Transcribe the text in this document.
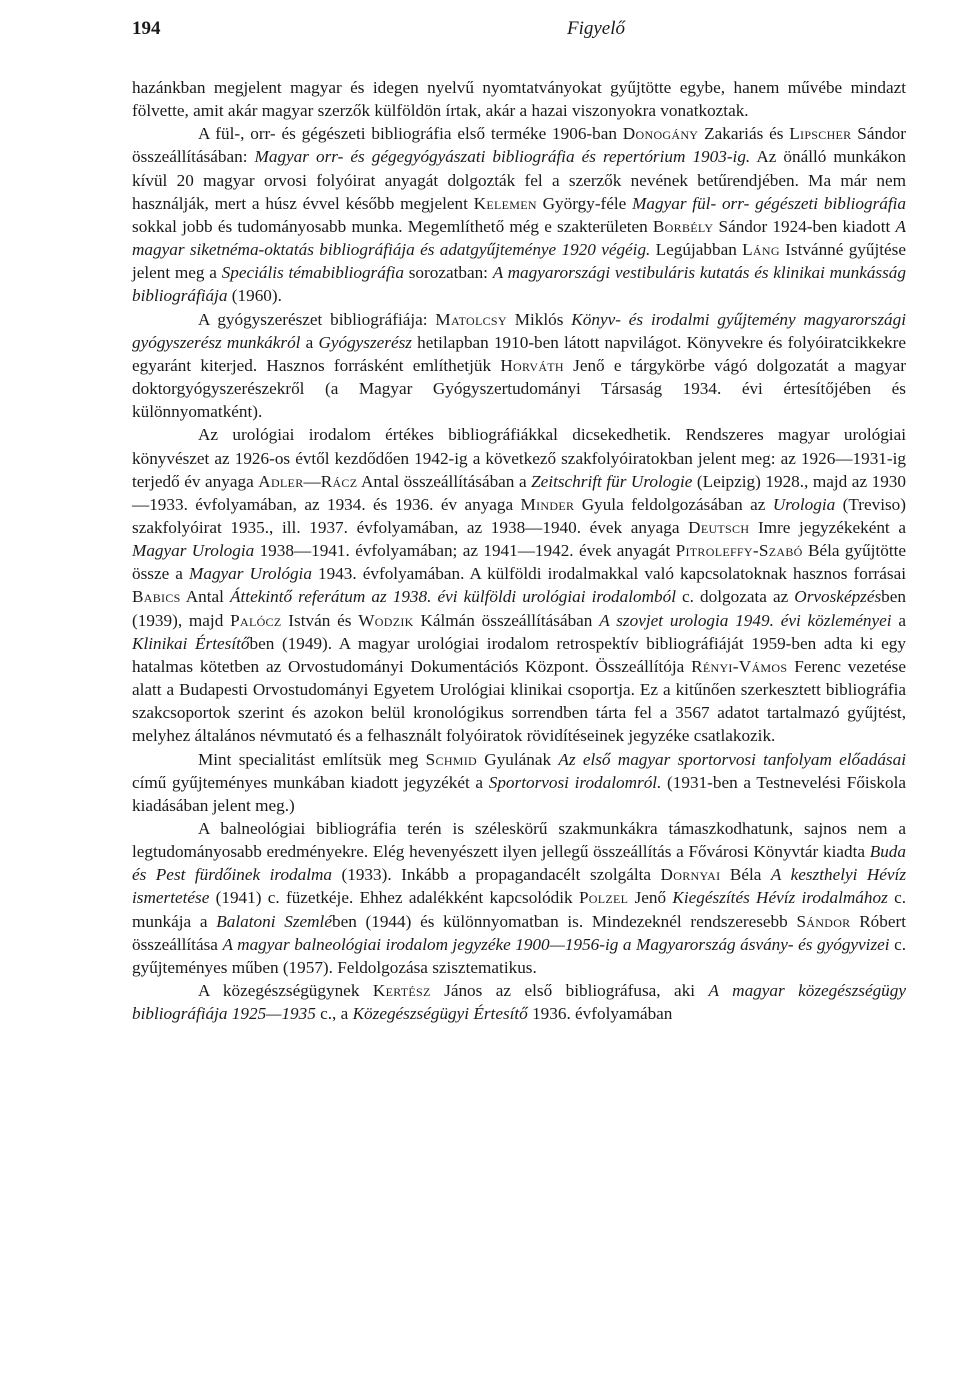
194	Figyelő

hazánkban megjelent magyar és idegen nyelvű nyomtatványokat gyűjtötte egybe, hanem művébe mindazt fölvette, amit akár magyar szerzők külföldön írtak, akár a hazai viszonyokra vonatkoztak.

A fül-, orr- és gégészeti bibliográfia első terméke 1906-ban Donogány Zakariás és Lipscher Sándor összeállításában: Magyar orr- és gégegyógyászati bibliográfia és repertórium 1903-ig. Az önálló munkákon kívül 20 magyar orvosi folyóirat anyagát dolgozták fel a szerzők nevének betűrendjében. Ma már nem használják, mert a húsz évvel később megjelent Kelemen György-féle Magyar fül- orr- gégészeti bibliográfia sokkal jobb és tudományosabb munka. Megemlíthető még e szakterületen Borbély Sándor 1924-ben kiadott A magyar siketnéma-oktatás bibliográfiája és adatgyűjteménye 1920 végéig. Legújabban Láng Istvánné gyűjtése jelent meg a Speciális témabibliográfia sorozatban: A magyarországi vestibuláris kutatás és klinikai munkásság bibliográfiája (1960).

A gyógyszerészet bibliográfiája: Matolcsy Miklós Könyv- és irodalmi gyűjtemény magyarországi gyógyszerész munkákról a Gyógyszerész hetilapban 1910-ben látott napvilágot. Könyvekre és folyóiratcikkekre egyaránt kiterjed. Hasznos forrásként említhetjük Horváth Jenő e tárgykörbe vágó dolgozatát a magyar doktorgyógyszerészekről (a Magyar Gyógyszertudományi Társaság 1934. évi értesítőjében és különnyomatként).

Az urológiai irodalom értékes bibliográfiákkal dicsekedhetik. Rendszeres magyar urológiai könyvészet az 1926-os évtől kezdődően 1942-ig a következő szakfolyóiratokban jelent meg: az 1926—1931-ig terjedő év anyaga Adler—Rácz Antal összeállításában a Zeitschrift für Urologie (Leipzig) 1928., majd az 1930—1933. évfolyamában, az 1934. és 1936. év anyaga Minder Gyula feldolgozásában az Urologia (Treviso) szakfolyóirat 1935., ill. 1937. évfolyamában, az 1938—1940. évek anyaga Deutsch Imre jegyzékeként a Magyar Urologia 1938—1941. évfolyamában; az 1941—1942. évek anyagát Pitroleffy-Szabó Béla gyűjtötte össze a Magyar Urológia 1943. évfolyamában. A külföldi irodalmakkal való kapcsolatoknak hasznos forrásai Babics Antal Áttekintő referátum az 1938. évi külföldi urológiai irodalomból c. dolgozata az Orvosképzésben (1939), majd Palócz István és Wodzik Kálmán összeállításában A szovjet urologia 1949. évi közleményei a Klinikai Értesítőben (1949). A magyar urológiai irodalom retrospektív bibliográfiáját 1959-ben adta ki egy hatalmas kötetben az Orvostudományi Dokumentációs Központ. Összeállítója Rényi-Vámos Ferenc vezetése alatt a Budapesti Orvostudományi Egyetem Urológiai klinikai csoportja. Ez a kitűnően szerkesztett bibliográfia szakcsoportok szerint és azokon belül kronológikus sorrendben tárta fel a 3567 adatot tartalmazó gyűjtést, melyhez általános névmutató és a felhasznált folyóiratok rövidítéseinek jegyzéke csatlakozik.

Mint specialitást említsük meg Schmid Gyulának Az első magyar sportorvosi tanfolyam előadásai című gyűjteményes munkában kiadott jegyzékét a Sportorvosi irodalomról. (1931-ben a Testnevelési Főiskola kiadásában jelent meg.)

A balneológiai bibliográfia terén is széleskörű szakmunkákra támaszkodhatunk, sajnos nem a legtudományosabb eredményekre. Elég hevenyészett ilyen jellegű összeállítás a Fővárosi Könyvtár kiadta Buda és Pest fürdőinek irodalma (1933). Inkább a propagandacélt szolgálta Dornyai Béla A keszthelyi Hévíz ismertetése (1941) c. füzetkéje. Ehhez adalékként kapcsolódik Polzel Jenő Kiegészítés Hévíz irodalmához c. munkája a Balatoni Szemlében (1944) és különnyomatban is. Mindezeknél rendszeresebb Sándor Róbert összeállítása A magyar balneológiai irodalom jegyzéke 1900—1956-ig a Magyarország ásvány- és gyógyvizei c. gyűjteményes műben (1957). Feldolgozása szisztematikus.

A közegészségügynek Kertész János az első bibliográfusa, aki A magyar közegészségügy bibliográfiája 1925—1935 c., a Közegészségügyi Értesítő 1936. évfolyamában
